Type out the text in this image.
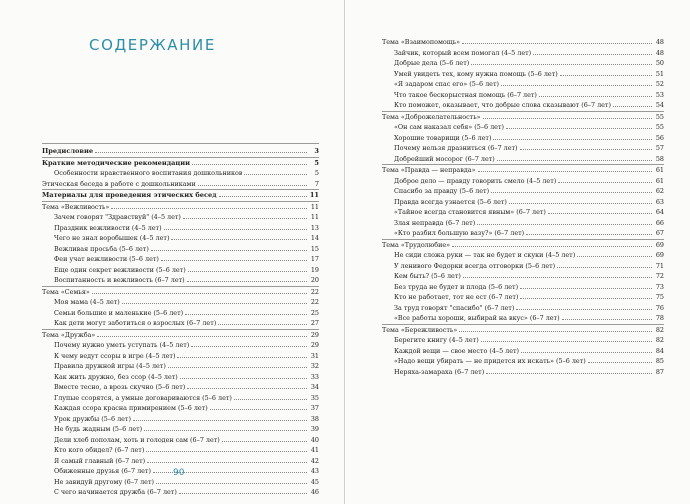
СОДЕРЖАНИЕ
Предисловие	3
Краткие методические рекомендации	5
Особенности нравственного воспитания дошкольников	5
Этическая беседа в работе с дошкольниками	7
Материалы для проведения этических бесед	11
Тема «Вежливость»	11
Зачем говорят "Здравствуй" (4–5 лет)	11
Праздник вежливости (4–5 лет)	13
Чего не знал воробышек (4–5 лет)	14
Вежливая просьба (5–6 лет)	15
Феи учат вежливости (5–6 лет)	17
Еще один секрет вежливости (5–6 лет)	19
Воспитанность и вежливость (6–7 лет)	20
Тема «Семья»	22
Моя мама (4–5 лет)	22
Семьи большие и маленькие (5–6 лет)	25
Как дети могут заботиться о взрослых (6–7 лет)	27
Тема «Дружба»	29
Почему нужно уметь уступать (4–5 лет)	29
К чему ведут ссоры в игре (4–5 лет)	31
Правила дружной игры (4–5 лет)	32
Как жить дружно, без ссор (4–5 лет)	33
Вместе тесно, а врозь скучно (5–6 лет)	34
Глупые ссорятся, а умные договариваются (5–6 лет)	35
Каждая ссора красна примирением (5–6 лет)	37
Урок дружбы (5–6 лет)	38
Не будь жадным (5–6 лет)	39
Дели хлеб пополам, хоть и голоден сам (6–7 лет)	40
Кто кого обидел? (6–7 лет)	41
Я самый главный (6–7 лет)	42
Обиженные друзья (6–7 лет)	43
Не завидуй другому (6–7 лет)	45
С чего начинается дружба (6–7 лет)	46
90
Тема «Взаимопомощь»	48
Зайчик, который всем помогал (4–5 лет)	48
Добрые дела (5–6 лет)	50
Умей увидеть тех, кому нужна помощь (5–6 лет)	51
«Я задаром спас его» (5–6 лет)	52
Что такое бескорыстная помощь (6–7 лет)	53
Кто поможет, оказывает, что добрые слова сказывают (6–7 лет)	54
Тема «Доброжелательность»	55
«Он сам наказал себя» (5–6 лет)	55
Хорошие товарищи (5–6 лет)	56
Почему нельзя дразниться (6–7 лет)	57
Добрейший мосорог (6–7 лет)	58
Тема «Правда — неправда»	61
Доброе дело — правду говорить смело (4–5 лет)	61
Спасибо за правду (5–6 лет)	62
Правда всегда узнается (5–6 лет)	63
«Тайное всегда становится явным» (6–7 лет)	64
Злая неправда (6–7 лет)	66
«Кто разбил большую вазу?» (6–7 лет)	67
Тема «Трудолюбие»	69
Не сиди сложа руки — так не будет и скуки (4–5 лет)	69
У ленивого Федорки всегда отговорки (5–6 лет)	71
Кем быть? (5–6 лет)	72
Без труда не будет и плода (5–6 лет)	73
Кто не работает, тот не ест (6–7 лет)	75
За труд говорят "спасибо" (6–7 лет)	76
«Все работы хороши, выбирай на вкус» (6–7 лет)	78
Тема «Бережливость»	82
Берегите книгу (4–5 лет)	82
Каждой вещи — свое место (4–5 лет)	84
«Надо вещи убирать — не придется их искать» (5–6 лет)	85
Неряха-замараха (6–7 лет)	87
